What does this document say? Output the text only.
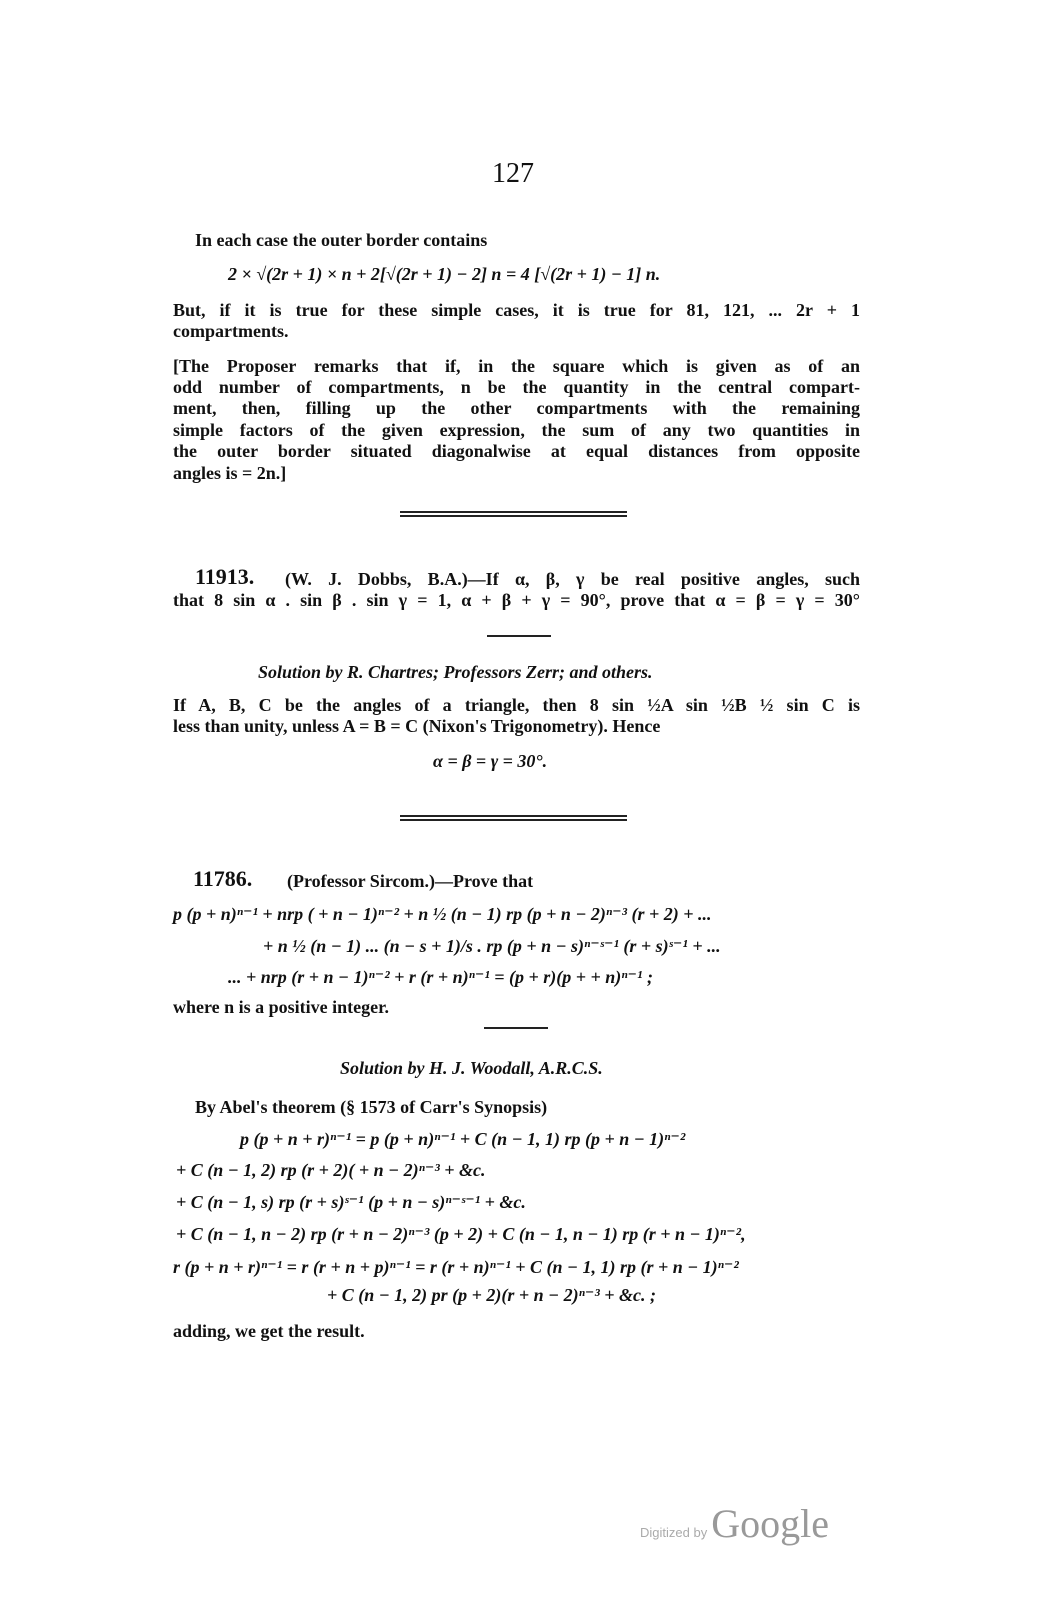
127
In each case the outer border contains
2 × √(2r + 1) × n + 2[√(2r + 1) − 2] n = 4 [√(2r + 1) − 1] n.
But, if it is true for these simple cases, it is true for 81, 121, ... 2r + 1
compartments.
[The Proposer remarks that if, in the square which is given as of an
odd number of compartments, n be the quantity in the central compart-
ment, then, filling up the other compartments with the remaining
simple factors of the given expression, the sum of any two quantities in
the outer border situated diagonalwise at equal distances from opposite
angles is = 2n.]
11913. (W. J. Dobbs, B.A.)—If α, β, γ be real positive angles, such
that 8 sin α . sin β . sin γ = 1, α + β + γ = 90°, prove that α = β = γ = 30°
Solution by R. Chartres; Professors Zerr; and others.
If A, B, C be the angles of a triangle, then 8 sin ½A sin ½B ½ sin C is
less than unity, unless A = B = C (Nixon's Trigonometry). Hence
α = β = γ = 30°.
11786. (Professor Sircom.)—Prove that
p (p + n)ⁿ⁻¹ + nrp ( + n − 1)ⁿ⁻² + n ½ (n − 1) rp (p + n − 2)ⁿ⁻³ (r + 2) + ...
+ n ½ (n − 1) ... (n − s + 1)/s . rp (p + n − s)ⁿ⁻ˢ⁻¹ (r + s)ˢ⁻¹ + ...
... + nrp (r + n − 1)ⁿ⁻² + r (r + n)ⁿ⁻¹ = (p + r)(p + + n)ⁿ⁻¹ ;
where n is a positive integer.
Solution by H. J. Woodall, A.R.C.S.
By Abel's theorem (§ 1573 of Carr's Synopsis)
p (p + n + r)ⁿ⁻¹ = p (p + n)ⁿ⁻¹ + C (n − 1, 1) rp (p + n − 1)ⁿ⁻²
+ C (n − 1, 2) rp (r + 2)( + n − 2)ⁿ⁻³ + &c.
+ C (n − 1, s) rp (r + s)ˢ⁻¹ (p + n − s)ⁿ⁻ˢ⁻¹ + &c.
+ C (n − 1, n − 2) rp (r + n − 2)ⁿ⁻³ (p + 2) + C (n − 1, n − 1) rp (r + n − 1)ⁿ⁻²,
r (p + n + r)ⁿ⁻¹ = r (r + n + p)ⁿ⁻¹ = r (r + n)ⁿ⁻¹ + C (n − 1, 1) rp (r + n − 1)ⁿ⁻²
+ C (n − 1, 2) pr (p + 2)(r + n − 2)ⁿ⁻³ + &c. ;
adding, we get the result.
Digitized by Google
